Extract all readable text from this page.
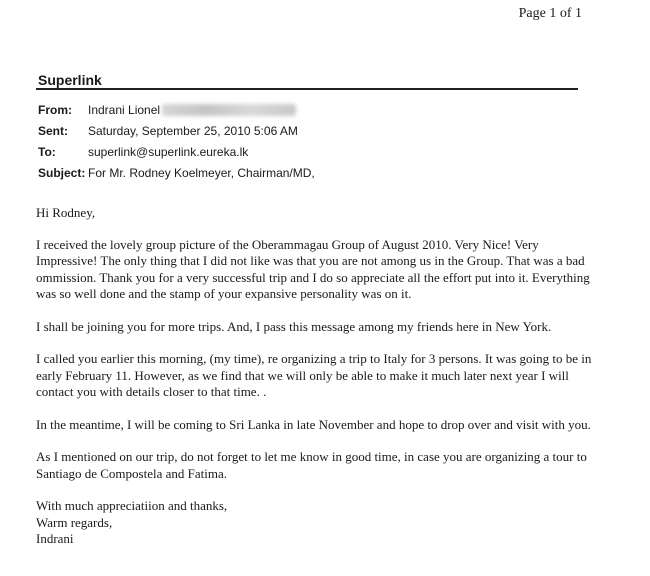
Page 1 of 1
Superlink
From:	Indrani Lionel
Sent:	Saturday, September 25, 2010 5:06 AM
To:	superlink@superlink.eureka.lk
Subject: For Mr. Rodney Koelmeyer, Chairman/MD,

Hi Rodney,

I received the lovely group picture of the Oberammagau Group of August 2010. Very Nice! Very Impressive! The only thing that I did not like was that you are not among us in the Group. That was a bad ommission. Thank you for a very successful trip and I do so appreciate all the effort put into it. Everything was so well done and the stamp of your expansive personality was on it.

I shall be joining you for more trips. And, I pass this message among my friends here in New York.

I called you earlier this morning, (my time), re organizing a trip to Italy for 3 persons. It was going to be in early February 11. However, as we find that we will only be able to make it much later next year I will contact you with details closer to that time. .

In the meantime, I will be coming to Sri Lanka in late November and hope to drop over and visit with you.

As I mentioned on our trip, do not forget to let me know in good time, in case you are organizing a tour to Santiago de Compostela and Fatima.

With much appreciatiion and thanks,

Warm regards,

Indrani
